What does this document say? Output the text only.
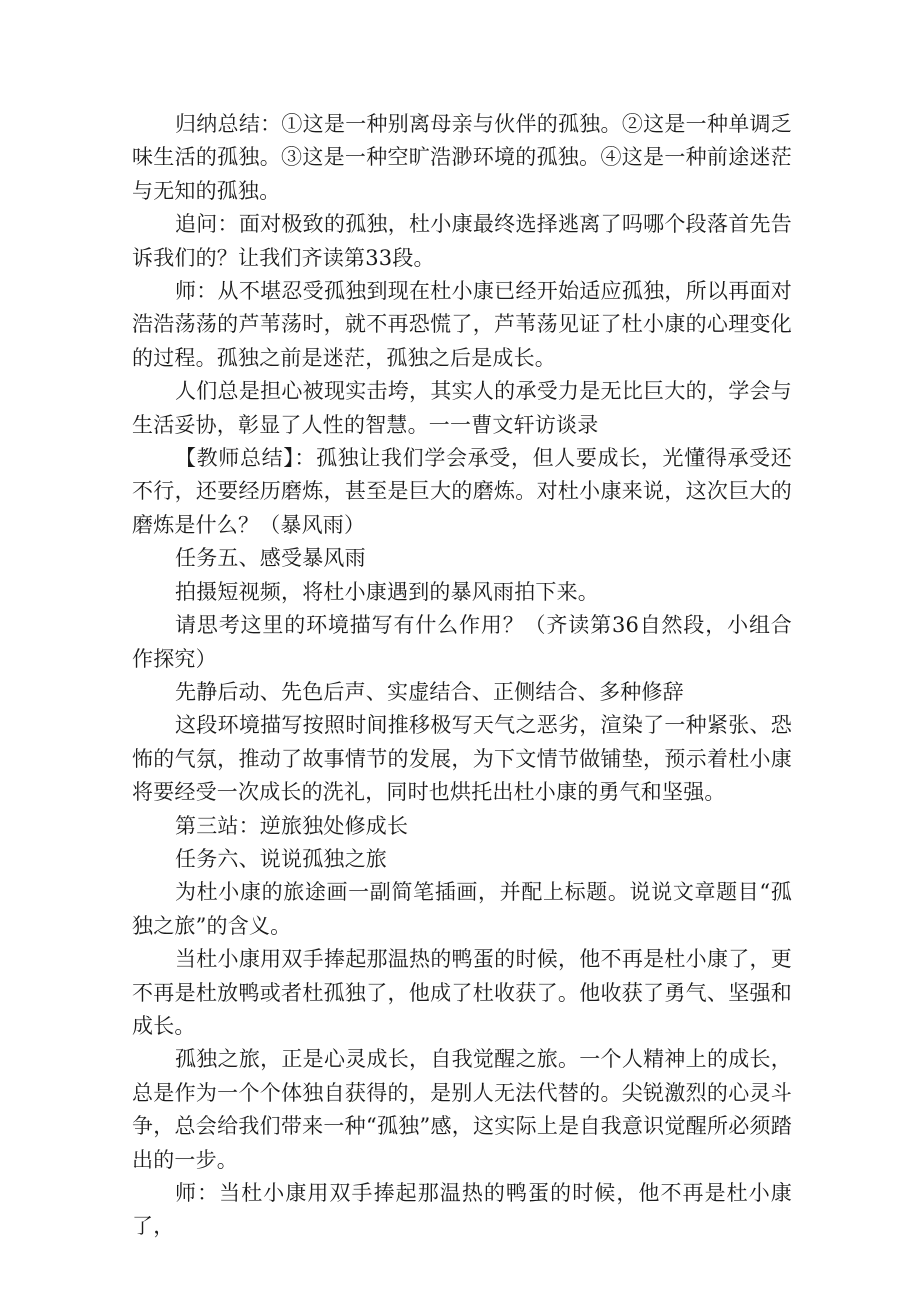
归纳总结：①这是一种别离母亲与伙伴的孤独。②这是一种单调乏味生活的孤独。③这是一种空旷浩渺环境的孤独。④这是一种前途迷茫与无知的孤独。

追问：面对极致的孤独，杜小康最终选择逃离了吗哪个段落首先告诉我们的？让我们齐读第33段。

师：从不堪忍受孤独到现在杜小康已经开始适应孤独，所以再面对浩浩荡荡的芦苇荡时，就不再恐慌了，芦苇荡见证了杜小康的心理变化的过程。孤独之前是迷茫，孤独之后是成长。

人们总是担心被现实击垮，其实人的承受力是无比巨大的，学会与生活妥协，彰显了人性的智慧。一一曹文轩访谈录

【教师总结】：孤独让我们学会承受，但人要成长，光懂得承受还不行，还要经历磨炼，甚至是巨大的磨炼。对杜小康来说，这次巨大的磨炼是什么？（暴风雨）

任务五、感受暴风雨

拍摄短视频，将杜小康遇到的暴风雨拍下来。

请思考这里的环境描写有什么作用？（齐读第36自然段，小组合作探究）

先静后动、先色后声、实虚结合、正侧结合、多种修辞

这段环境描写按照时间推移极写天气之恶劣，渲染了一种紧张、恐怖的气氛，推动了故事情节的发展，为下文情节做铺垫，预示着杜小康将要经受一次成长的洗礼，同时也烘托出杜小康的勇气和坚强。

第三站：逆旅独处修成长

任务六、说说孤独之旅

为杜小康的旅途画一副简笔插画，并配上标题。说说文章题目“孤独之旅”的含义。

当杜小康用双手捧起那温热的鸭蛋的时候，他不再是杜小康了，更不再是杜放鸭或者杜孤独了，他成了杜收获了。他收获了勇气、坚强和成长。

孤独之旅，正是心灵成长，自我觉醒之旅。一个人精神上的成长，总是作为一个个体独自获得的，是别人无法代替的。尖锐激烈的心灵斗争，总会给我们带来一种“孤独”感，这实际上是自我意识觉醒所必须踏出的一步。

师：当杜小康用双手捧起那温热的鸭蛋的时候，他不再是杜小康了，
